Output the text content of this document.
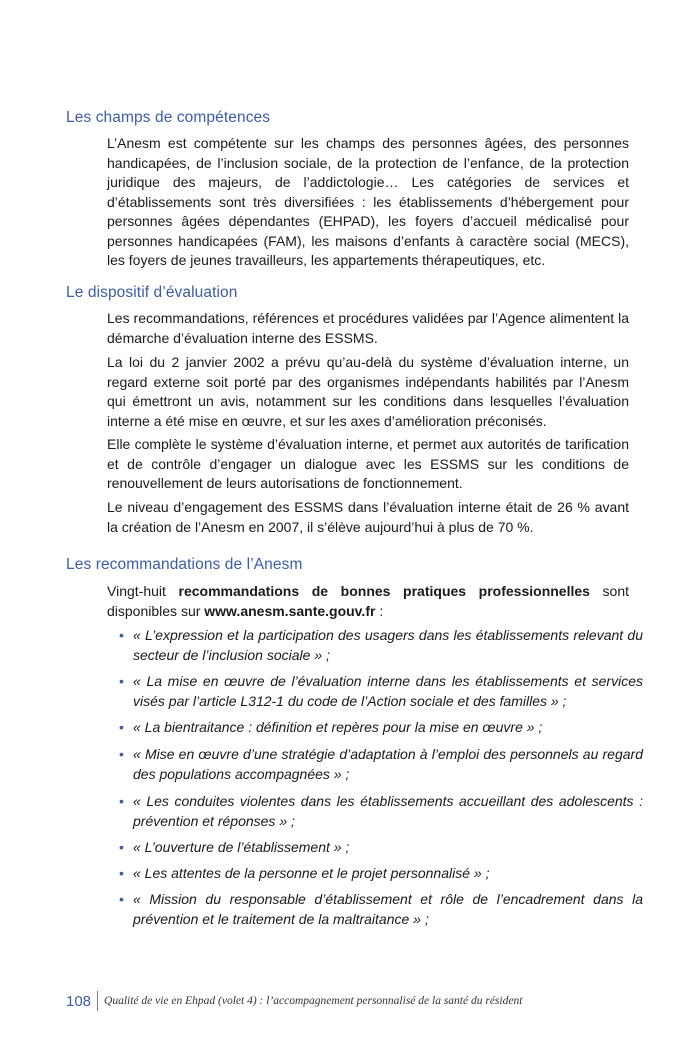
Les champs de compétences

L’Anesm est compétente sur les champs des personnes âgées, des personnes handicapées, de l’inclusion sociale, de la protection de l’enfance, de la protection juridique des majeurs, de l’addictologie… Les catégories de services et d’établissements sont très diversifiées : les établissements d’hébergement pour personnes âgées dépendantes (EHPAD), les foyers d’accueil médicalisé pour personnes handicapées (FAM), les maisons d’enfants à caractère social (MECS), les foyers de jeunes travailleurs, les appartements thérapeutiques, etc.

Le dispositif d’évaluation

Les recommandations, références et procédures validées par l’Agence alimentent la démarche d’évaluation interne des ESSMS.

La loi du 2 janvier 2002 a prévu qu’au-delà du système d’évaluation interne, un regard externe soit porté par des organismes indépendants habilités par l’Anesm qui émettront un avis, notamment sur les conditions dans lesquelles l’évaluation interne a été mise en œuvre, et sur les axes d’amélioration préconisés.

Elle complète le système d’évaluation interne, et permet aux autorités de tarification et de contrôle d’engager un dialogue avec les ESSMS sur les conditions de renouvellement de leurs autorisations de fonctionnement.

Le niveau d’engagement des ESSMS dans l’évaluation interne était de 26 % avant la création de l’Anesm en 2007, il s’élève aujourd’hui à plus de 70 %.

Les recommandations de l’Anesm

Vingt-huit recommandations de bonnes pratiques professionnelles sont disponibles sur www.anesm.sante.gouv.fr :

• « L’expression et la participation des usagers dans les établissements relevant du secteur de l’inclusion sociale » ;
• « La mise en œuvre de l’évaluation interne dans les établissements et services visés par l’article L312-1 du code de l’Action sociale et des familles » ;
• « La bientraitance : définition et repères pour la mise en œuvre » ;
• « Mise en œuvre d’une stratégie d’adaptation à l’emploi des personnels au regard des populations accompagnées » ;
• « Les conduites violentes dans les établissements accueillant des adolescents : prévention et réponses » ;
• « L’ouverture de l’établissement » ;
• « Les attentes de la personne et le projet personnalisé » ;
• « Mission du responsable d’établissement et rôle de l’encadrement dans la prévention et le traitement de la maltraitance » ;
108 Qualité de vie en Ehpad (volet 4) : l’accompagnement personnalisé de la santé du résident
